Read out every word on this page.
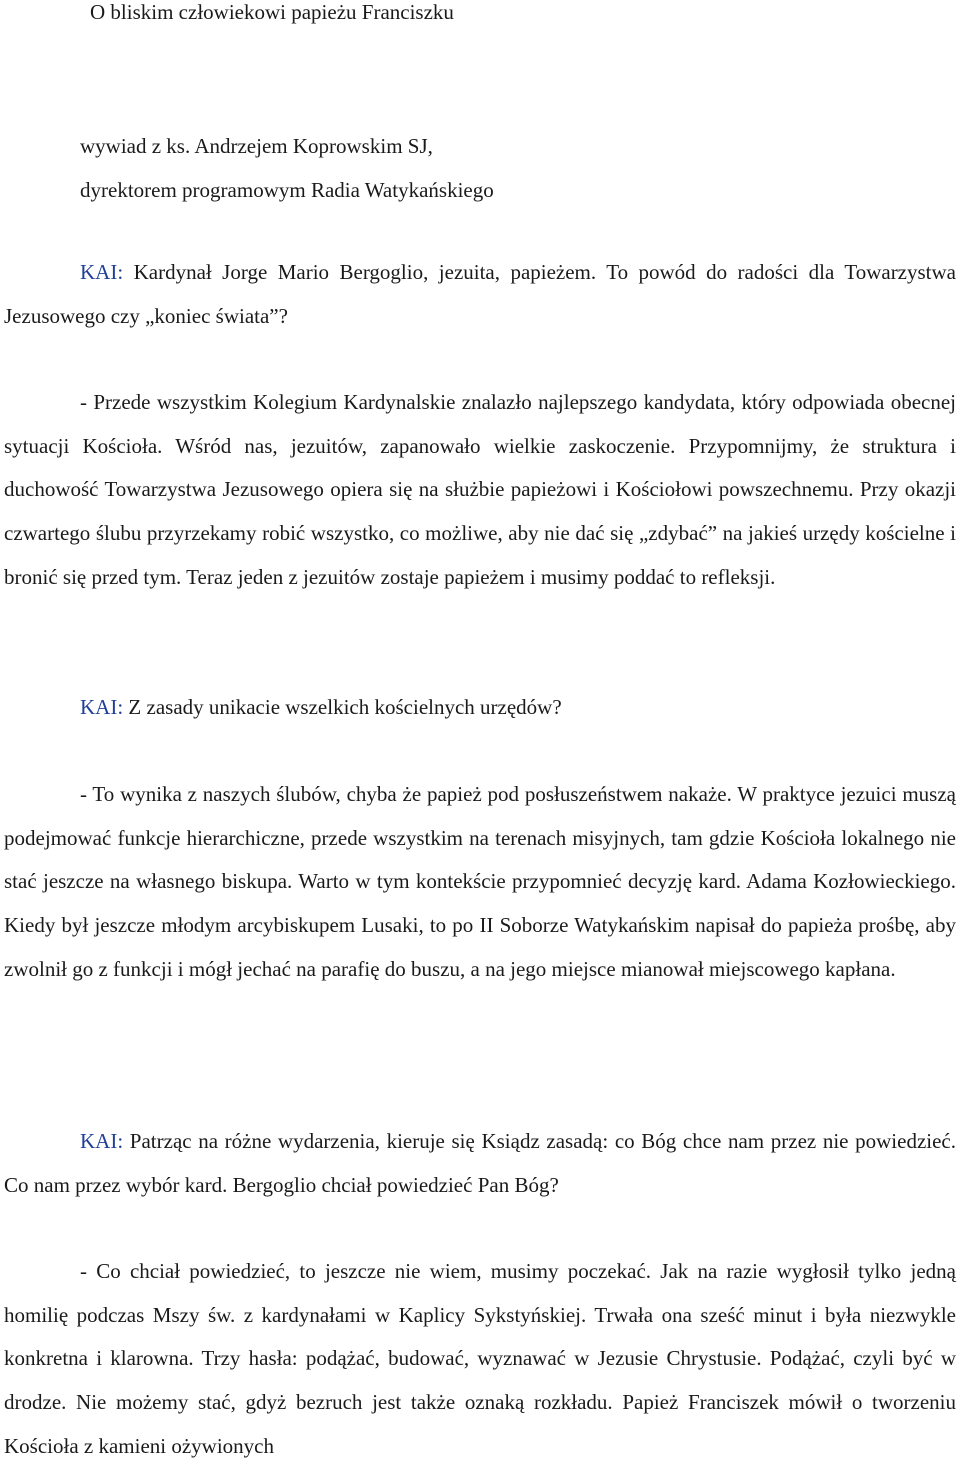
O bliskim człowiekowi papieżu Franciszku
wywiad z ks. Andrzejem Koprowskim SJ,
dyrektorem programowym Radia Watykańskiego

KAI: Kardynał Jorge Mario Bergoglio, jezuita, papieżem. To powód do radości dla Towarzystwa Jezusowego czy „koniec świata”?

- Przede wszystkim Kolegium Kardynalskie znalazło najlepszego kandydata, który odpowiada obecnej sytuacji Kościoła. Wśród nas, jezuitów, zapanowało wielkie zaskoczenie. Przypomnijmy, że struktura i duchowość Towarzystwa Jezusowego opiera się na służbie papieżowi i Kościołowi powszechnemu. Przy okazji czwartego ślubu przyrzekamy robić wszystko, co możliwe, aby nie dać się „zdybać” na jakieś urzędy kościelne i bronić się przed tym. Teraz jeden z jezuitów zostaje papieżem i musimy poddać to refleksji.

KAI: Z zasady unikacie wszelkich kościelnych urzędów?

- To wynika z naszych ślubów, chyba że papież pod posłuszeństwem nakaże. W praktyce jezuici muszą podejmować funkcje hierarchiczne, przede wszystkim na terenach misyjnych, tam gdzie Kościoła lokalnego nie stać jeszcze na własnego biskupa. Warto w tym kontekście przypomnieć decyzję kard. Adama Kozłowieckiego. Kiedy był jeszcze młodym arcybiskupem Lusaki, to po II Soborze Watykańskim napisał do papieża prośbę, aby zwolnił go z funkcji i mógł jechać na parafię do buszu, a na jego miejsce mianował miejscowego kapłana.

KAI: Patrząc na różne wydarzenia, kieruje się Ksiądz zasadą: co Bóg chce nam przez nie powiedzieć. Co nam przez wybór kard. Bergoglio chciał powiedzieć Pan Bóg?

- Co chciał powiedzieć, to jeszcze nie wiem, musimy poczekać. Jak na razie wygłosił tylko jedną homilię podczas Mszy św. z kardynałami w Kaplicy Sykstyńskiej. Trwała ona sześć minut i była niezwykle konkretna i klarowna. Trzy hasła: podążać, budować, wyznawać w Jezusie Chrystusie. Podążać, czyli być w drodze. Nie możemy stać, gdyż bezruch jest także oznaką rozkładu. Papież Franciszek mówił o tworzeniu Kościoła z kamieni ożywionych
